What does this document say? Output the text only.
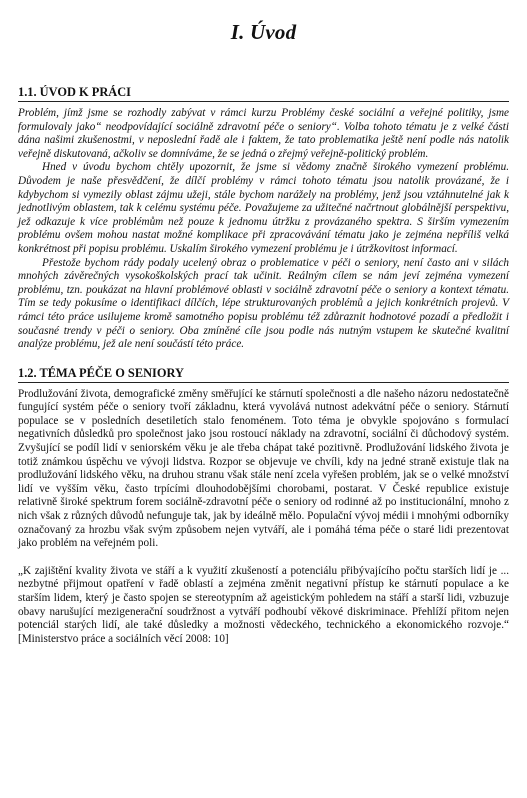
I. Úvod
1.1. ÚVOD K PRÁCI

Problém, jímž jsme se rozhodly zabývat v rámci kurzu Problémy české sociální a veřejné politiky, jsme formulovaly jako“ neodpovídající sociálně zdravotní péče o seniory“. Volba tohoto tématu je z velké části dána našimi zkušenostmi, v neposlední řadě ale i faktem, že tato problematika ještě není podle nás natolik veřejně diskutovaná, ačkoliv se domníváme, že se jedná o zřejmý veřejně-politický problém.

Hned v úvodu bychom chtěly upozornit, že jsme si vědomy značně širokého vymezení problému. Důvodem je naše přesvědčení, že dílčí problémy v rámci tohoto tématu jsou natolik provázané, že i kdybychom si vymezily oblast zájmu užeji, stále bychom narážely na problémy, jenž jsou vztáhnutelné jak k jednotlivým oblastem, tak k celému systému péče. Považujeme za užitečné načrtnout globálnější perspektivu, jež odkazuje k více problémům než pouze k jednomu útržku z provázaného spektra. S širším vymezením problému ovšem mohou nastat možné komplikace při zpracovávání tématu jako je zejména nepříliš velká konkrétnost při popisu problému. Uskalím širokého vymezení problému je i útržkovitost informací.

Přestože bychom rády podaly ucelený obraz o problematice v péči o seniory, není často ani v silách mnohých závěrečných vysokoškolských prací tak učinit. Reálným cílem se nám jeví zejména vymezení problému, tzn. poukázat na hlavní problémové oblasti v sociálně zdravotní péče o seniory a kontext tématu. Tím se tedy pokusíme o identifikaci dílčích, lépe strukturovaných problémů a jejich konkrétních projevů. V rámci této práce usilujeme kromě samotného popisu problému též zdůraznit hodnotové pozadí a předložit i současné trendy v péči o seniory. Oba zmíněné cíle jsou podle nás nutným vstupem ke skutečné kvalitní analýze problému, jež ale není součástí této práce.

1.2. TÉMA PÉČE O SENIORY

Prodlužování života, demografické změny směřující ke stárnutí společnosti a dle našeho názoru nedostatečně fungující systém péče o seniory tvoří základnu, která vyvolává nutnost adekvátní péče o seniory. Stárnutí populace se v posledních desetiletích stalo fenoménem. Toto téma je obvykle spojováno s formulací negativních důsledků pro společnost jako jsou rostoucí náklady na zdravotní, sociální či důchodový systém. Zvyšující se podíl lidí v seniorském věku je ale třeba chápat také pozitivně. Prodlužování lidského života je totiž známkou úspěchu ve vývoji lidstva. Rozpor se objevuje ve chvíli, kdy na jedné straně existuje tlak na prodlužování lidského věku, na druhou stranu však stále není zcela vyřešen problém, jak se o velké množství lidí ve vyšším věku, často trpícími dlouhodobějšími chorobami, postarat. V České republice existuje relativně široké spektrum forem sociálně-zdravotní péče o seniory od rodinné až po institucionální, mnoho z nich však z různých důvodů nefunguje tak, jak by ideálně mělo. Populační vývoj médii i mnohými odborníky označovaný za hrozbu však svým způsobem nejen vytváří, ale i pomáhá téma péče o staré lidi prezentovat jako problém na veřejném poli.

„K zajištění kvality života ve stáří a k využití zkušeností a potenciálu přibývajícího počtu starších lidí je ... nezbytné přijmout opatření v řadě oblastí a zejména změnit negativní přístup ke stárnutí populace a ke starším lidem, který je často spojen se stereotypním až ageistickým pohledem na stáří a starší lidi, vzbuzuje obavy narušující mezigenerační soudržnost a vytváří podhoubí věkové diskriminace. Přehlíží přitom nejen potenciál starých lidí, ale také důsledky a možnosti vědeckého, technického a ekonomického rozvoje.“ [Ministerstvo práce a sociálních věcí 2008: 10]
